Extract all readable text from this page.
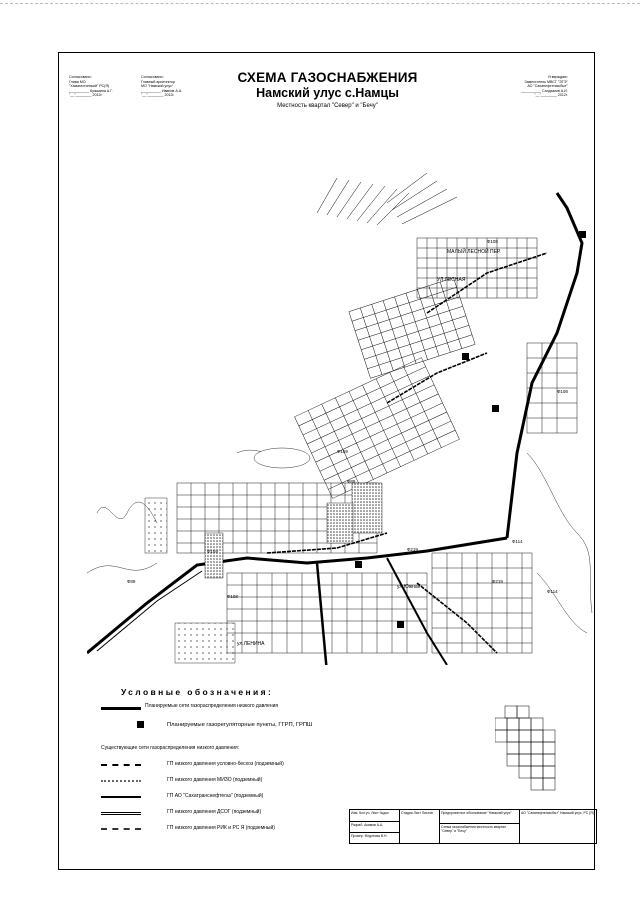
Согласовано:
Глава МО
"Хамагаттинский" РС(Я)
__________ Кузьмина А.Г.
"__"________ 2012г.
Согласовано:
Главный архитектор
МО "Намский улус"
__________ Иванов А.А.
"__"________ 2012г.
Утверждаю:
Заместитель МВСГ "ЭТЭ"
АО "Саханефтегазсбыт"
__________ Салдымов А.И.
"__"________ 2012г.
СХЕМА ГАЗОСНАБЖЕНИЯ
Намский улус с.Намцы
Местность квартал "Север" и "Бечу"
МАЛЫЙ ЛЕСНОЙ ПЕР.
УЛ.ЛЕСНАЯ
ул.Южная
ул.ЛЕНИНА
Ф159
Ф108
Ф89
Ф219
Ф114
Ф159
Ф108
Ф219
Ф89
Ф108
Ф114
Условные обозначения:
Планируемые сети газораспределения низкого давления
Планируемые газорегуляторные пункты, ГГРП, ГРПШ
Существующие сети газораспределения низкого давления:
ГП низкого давления условно-бесхоз (подземный)
ГП низкого давления МИЗО (подземный)
ГП АО "Сахатранснефтегаз" (подземный)
ГП низкого давления ДСОГ (подземный)
ГП низкого давления РИК и РС Я (подземный)
Изм. Кол.уч. Лист №док
Разраб. Акимов А.А.
Провер. Федотова В.Н.
Стадия Лист Листов	Предпроектное обоснование "Намский улус"
Схема газоснабжения местность квартал "Север" и "Бечу"
АО "Саханефтегазсбыт" Намский улус, РС (Я)
